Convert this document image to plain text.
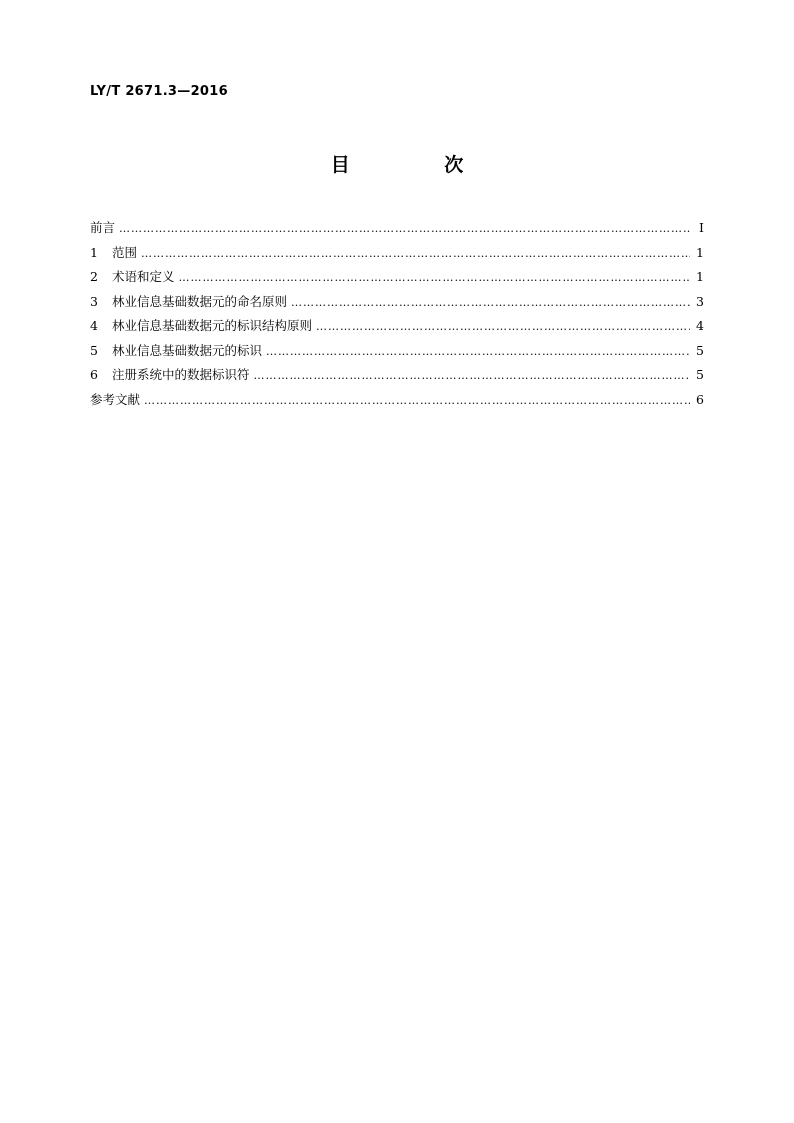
LY/T 2671.3—2016
目 次
前言 …………………………………………………………………………………………………………………………………………………………………………………………………	Ⅰ
1	范围 …………………………………………………………………………………………………………………………………………………………………………………………………	1
2	术语和定义 …………………………………………………………………………………………………………………………………………………………………………………………………	1
3	林业信息基础数据元的命名原则 …………………………………………………………………………………………………………………………………………………………………………………………………	3
4	林业信息基础数据元的标识结构原则 …………………………………………………………………………………………………………………………………………………………………………………………………	4
5	林业信息基础数据元的标识 …………………………………………………………………………………………………………………………………………………………………………………………………	5
6	注册系统中的数据标识符 …………………………………………………………………………………………………………………………………………………………………………………………………	5
参考文献 …………………………………………………………………………………………………………………………………………………………………………………………………	6
